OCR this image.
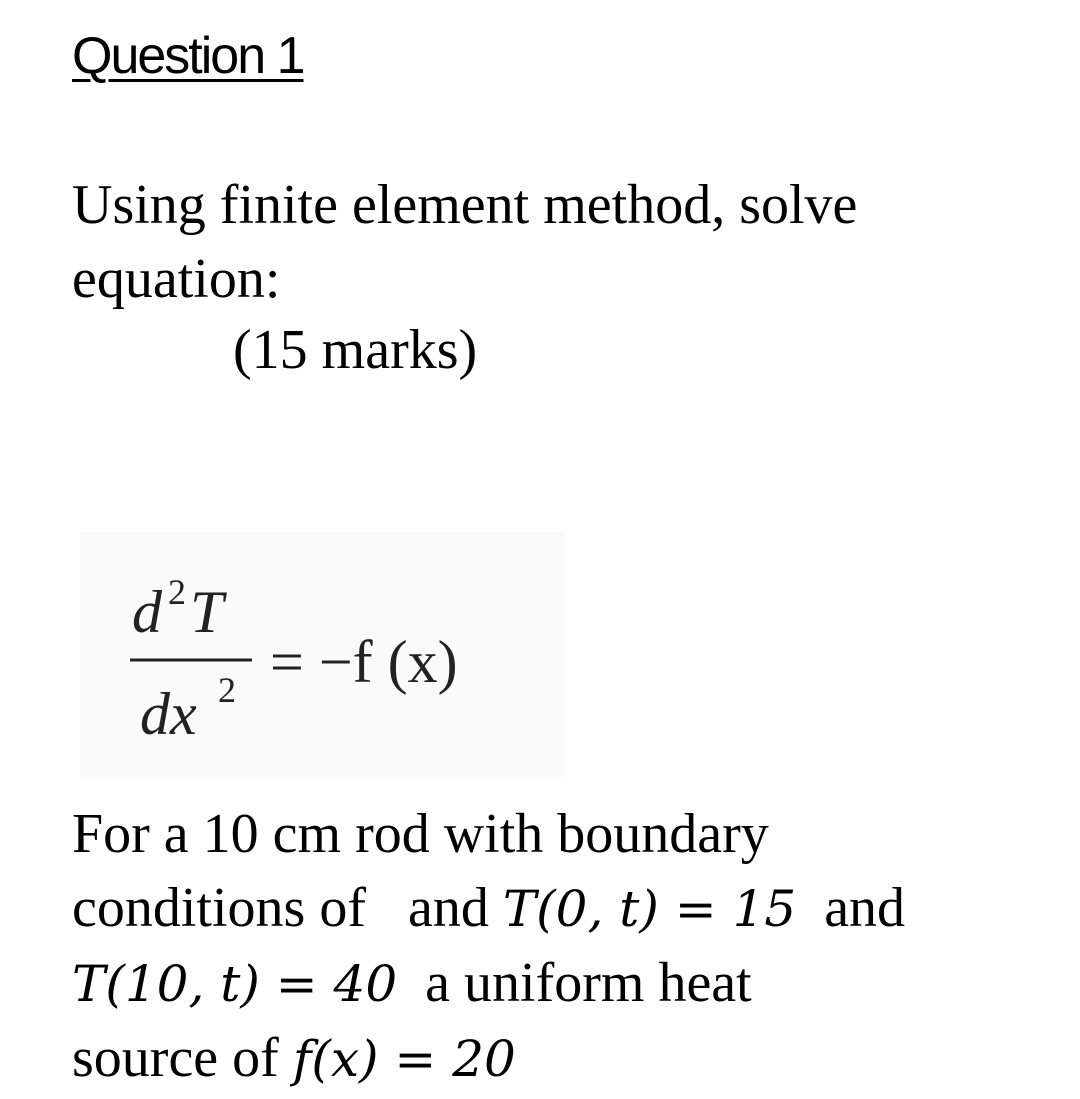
Question 1

Using finite element method, solve
equation:

(15 marks)
d 2 T
dx 2 = −f (x)

For a 10 cm rod with boundary
conditions of   and T(0, t) = 15  and
T(10, t) = 40  a uniform heat
source of f(x) = 20
